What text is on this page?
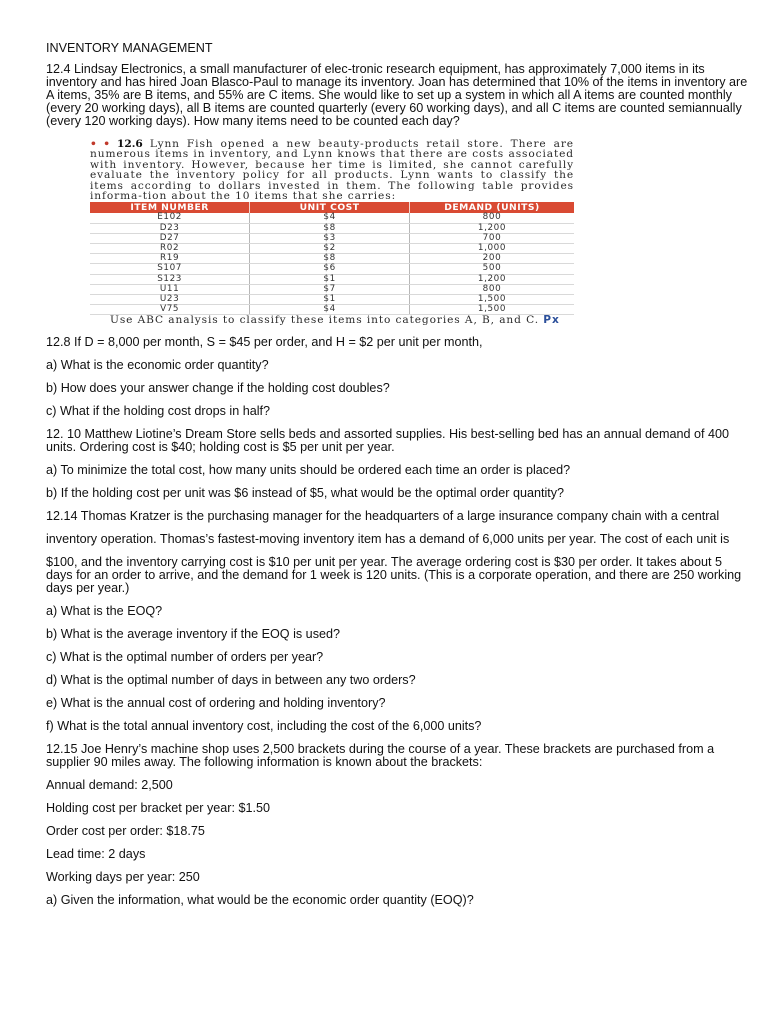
INVENTORY MANAGEMENT

12.4 Lindsay Electronics, a small manufacturer of elec-tronic research equipment, has approximately 7,000 items in its inventory and has hired Joan Blasco-Paul to manage its inventory. Joan has determined that 10% of the items in inventory are A items, 35% are B items, and 55% are C items. She would like to set up a system in which all A items are counted monthly (every 20 working days), all B items are counted quarterly (every 60 working days), and all C items are counted semiannually (every 120 working days). How many items need to be counted each day?

• • 12.6 Lynn Fish opened a new beauty-products retail store. There are numerous items in inventory, and Lynn knows that there are costs associated with inventory. However, because her time is limited, she cannot carefully evaluate the inventory policy for all products. Lynn wants to classify the items according to dollars invested in them. The following table provides informa-tion about the 10 items that she carries:

ITEM NUMBER	UNIT COST	DEMAND (UNITS)
E102	$4	800
D23	$8	1,200
D27	$3	700
R02	$2	1,000
R19	$8	200
S107	$6	500
S123	$1	1,200
U11	$7	800
U23	$1	1,500
V75	$4	1,500

Use ABC analysis to classify these items into categories A, B, and C. Px

12.8 If D = 8,000 per month, S = $45 per order, and H = $2 per unit per month,

a) What is the economic order quantity?

b) How does your answer change if the holding cost doubles?

c) What if the holding cost drops in half?

12. 10 Matthew Liotine’s Dream Store sells beds and assorted supplies. His best-selling bed has an annual demand of 400 units. Ordering cost is $40; holding cost is $5 per unit per year.

a) To minimize the total cost, how many units should be ordered each time an order is placed?

b) If the holding cost per unit was $6 instead of $5, what would be the optimal order quantity?

12.14 Thomas Kratzer is the purchasing manager for the headquarters of a large insurance company chain with a central

inventory operation. Thomas’s fastest-moving inventory item has a demand of 6,000 units per year. The cost of each unit is

$100, and the inventory carrying cost is $10 per unit per year. The average ordering cost is $30 per order. It takes about 5 days for an order to arrive, and the demand for 1 week is 120 units. (This is a corporate operation, and there are 250 working days per year.)

a) What is the EOQ?

b) What is the average inventory if the EOQ is used?

c) What is the optimal number of orders per year?

d) What is the optimal number of days in between any two orders?

e) What is the annual cost of ordering and holding inventory?

f) What is the total annual inventory cost, including the cost of the 6,000 units?

12.15 Joe Henry’s machine shop uses 2,500 brackets during the course of a year. These brackets are purchased from a supplier 90 miles away. The following information is known about the brackets:

Annual demand: 2,500

Holding cost per bracket per year: $1.50

Order cost per order: $18.75

Lead time: 2 days

Working days per year: 250

a) Given the information, what would be the economic order quantity (EOQ)?
